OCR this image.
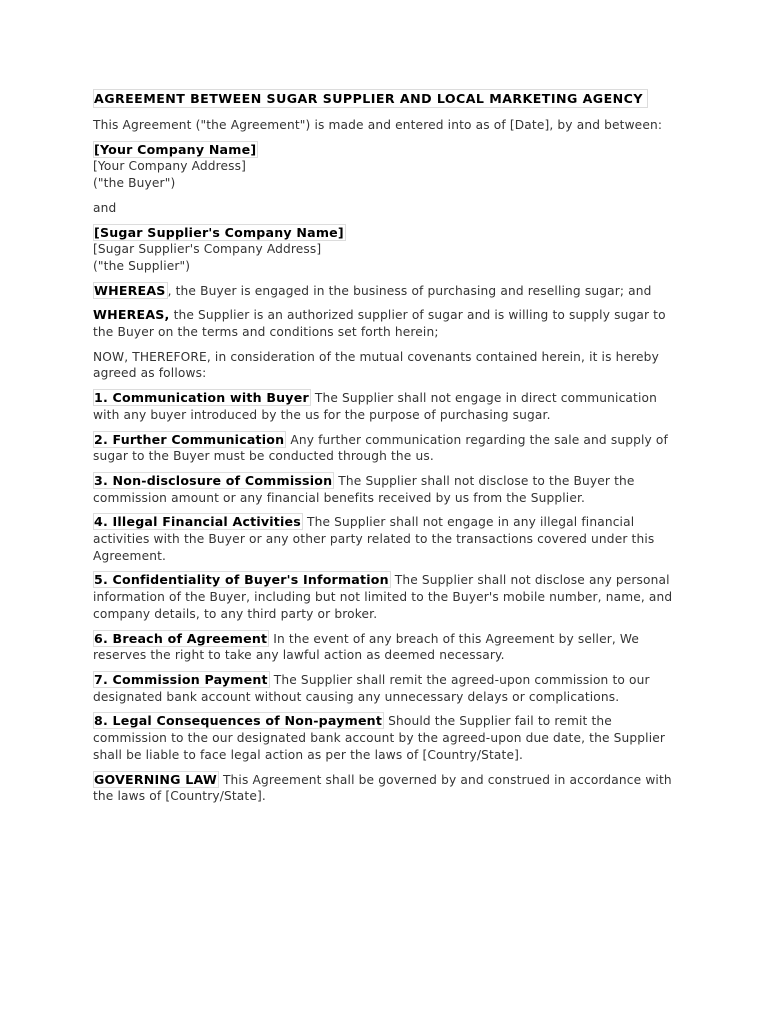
AGREEMENT BETWEEN SUGAR SUPPLIER AND LOCAL MARKETING AGENCY

This Agreement ("the Agreement") is made and entered into as of [Date], by and between:

[Your Company Name]
[Your Company Address]
("the Buyer")

and

[Sugar Supplier's Company Name]
[Sugar Supplier's Company Address]
("the Supplier")

WHEREAS , the Buyer is engaged in the business of purchasing and reselling sugar; and

WHEREAS, the Supplier is an authorized supplier of sugar and is willing to supply sugar to the Buyer on the terms and conditions set forth herein;

NOW, THEREFORE, in consideration of the mutual covenants contained herein, it is hereby agreed as follows:

1. Communication with Buyer The Supplier shall not engage in direct communication with any buyer introduced by the us for the purpose of purchasing sugar.

2. Further Communication Any further communication regarding the sale and supply of sugar to the Buyer must be conducted through the us.

3. Non-disclosure of Commission The Supplier shall not disclose to the Buyer the commission amount or any financial benefits received by us from the Supplier.

4. Illegal Financial Activities The Supplier shall not engage in any illegal financial activities with the Buyer or any other party related to the transactions covered under this Agreement.

5. Confidentiality of Buyer's Information The Supplier shall not disclose any personal information of the Buyer, including but not limited to the Buyer's mobile number, name, and company details, to any third party or broker.

6. Breach of Agreement In the event of any breach of this Agreement by seller, We reserves the right to take any lawful action as deemed necessary.

7. Commission Payment The Supplier shall remit the agreed-upon commission to our designated bank account without causing any unnecessary delays or complications.

8. Legal Consequences of Non-payment Should the Supplier fail to remit the commission to the our designated bank account by the agreed-upon due date, the Supplier shall be liable to face legal action as per the laws of [Country/State].

GOVERNING LAW This Agreement shall be governed by and construed in accordance with the laws of [Country/State].
